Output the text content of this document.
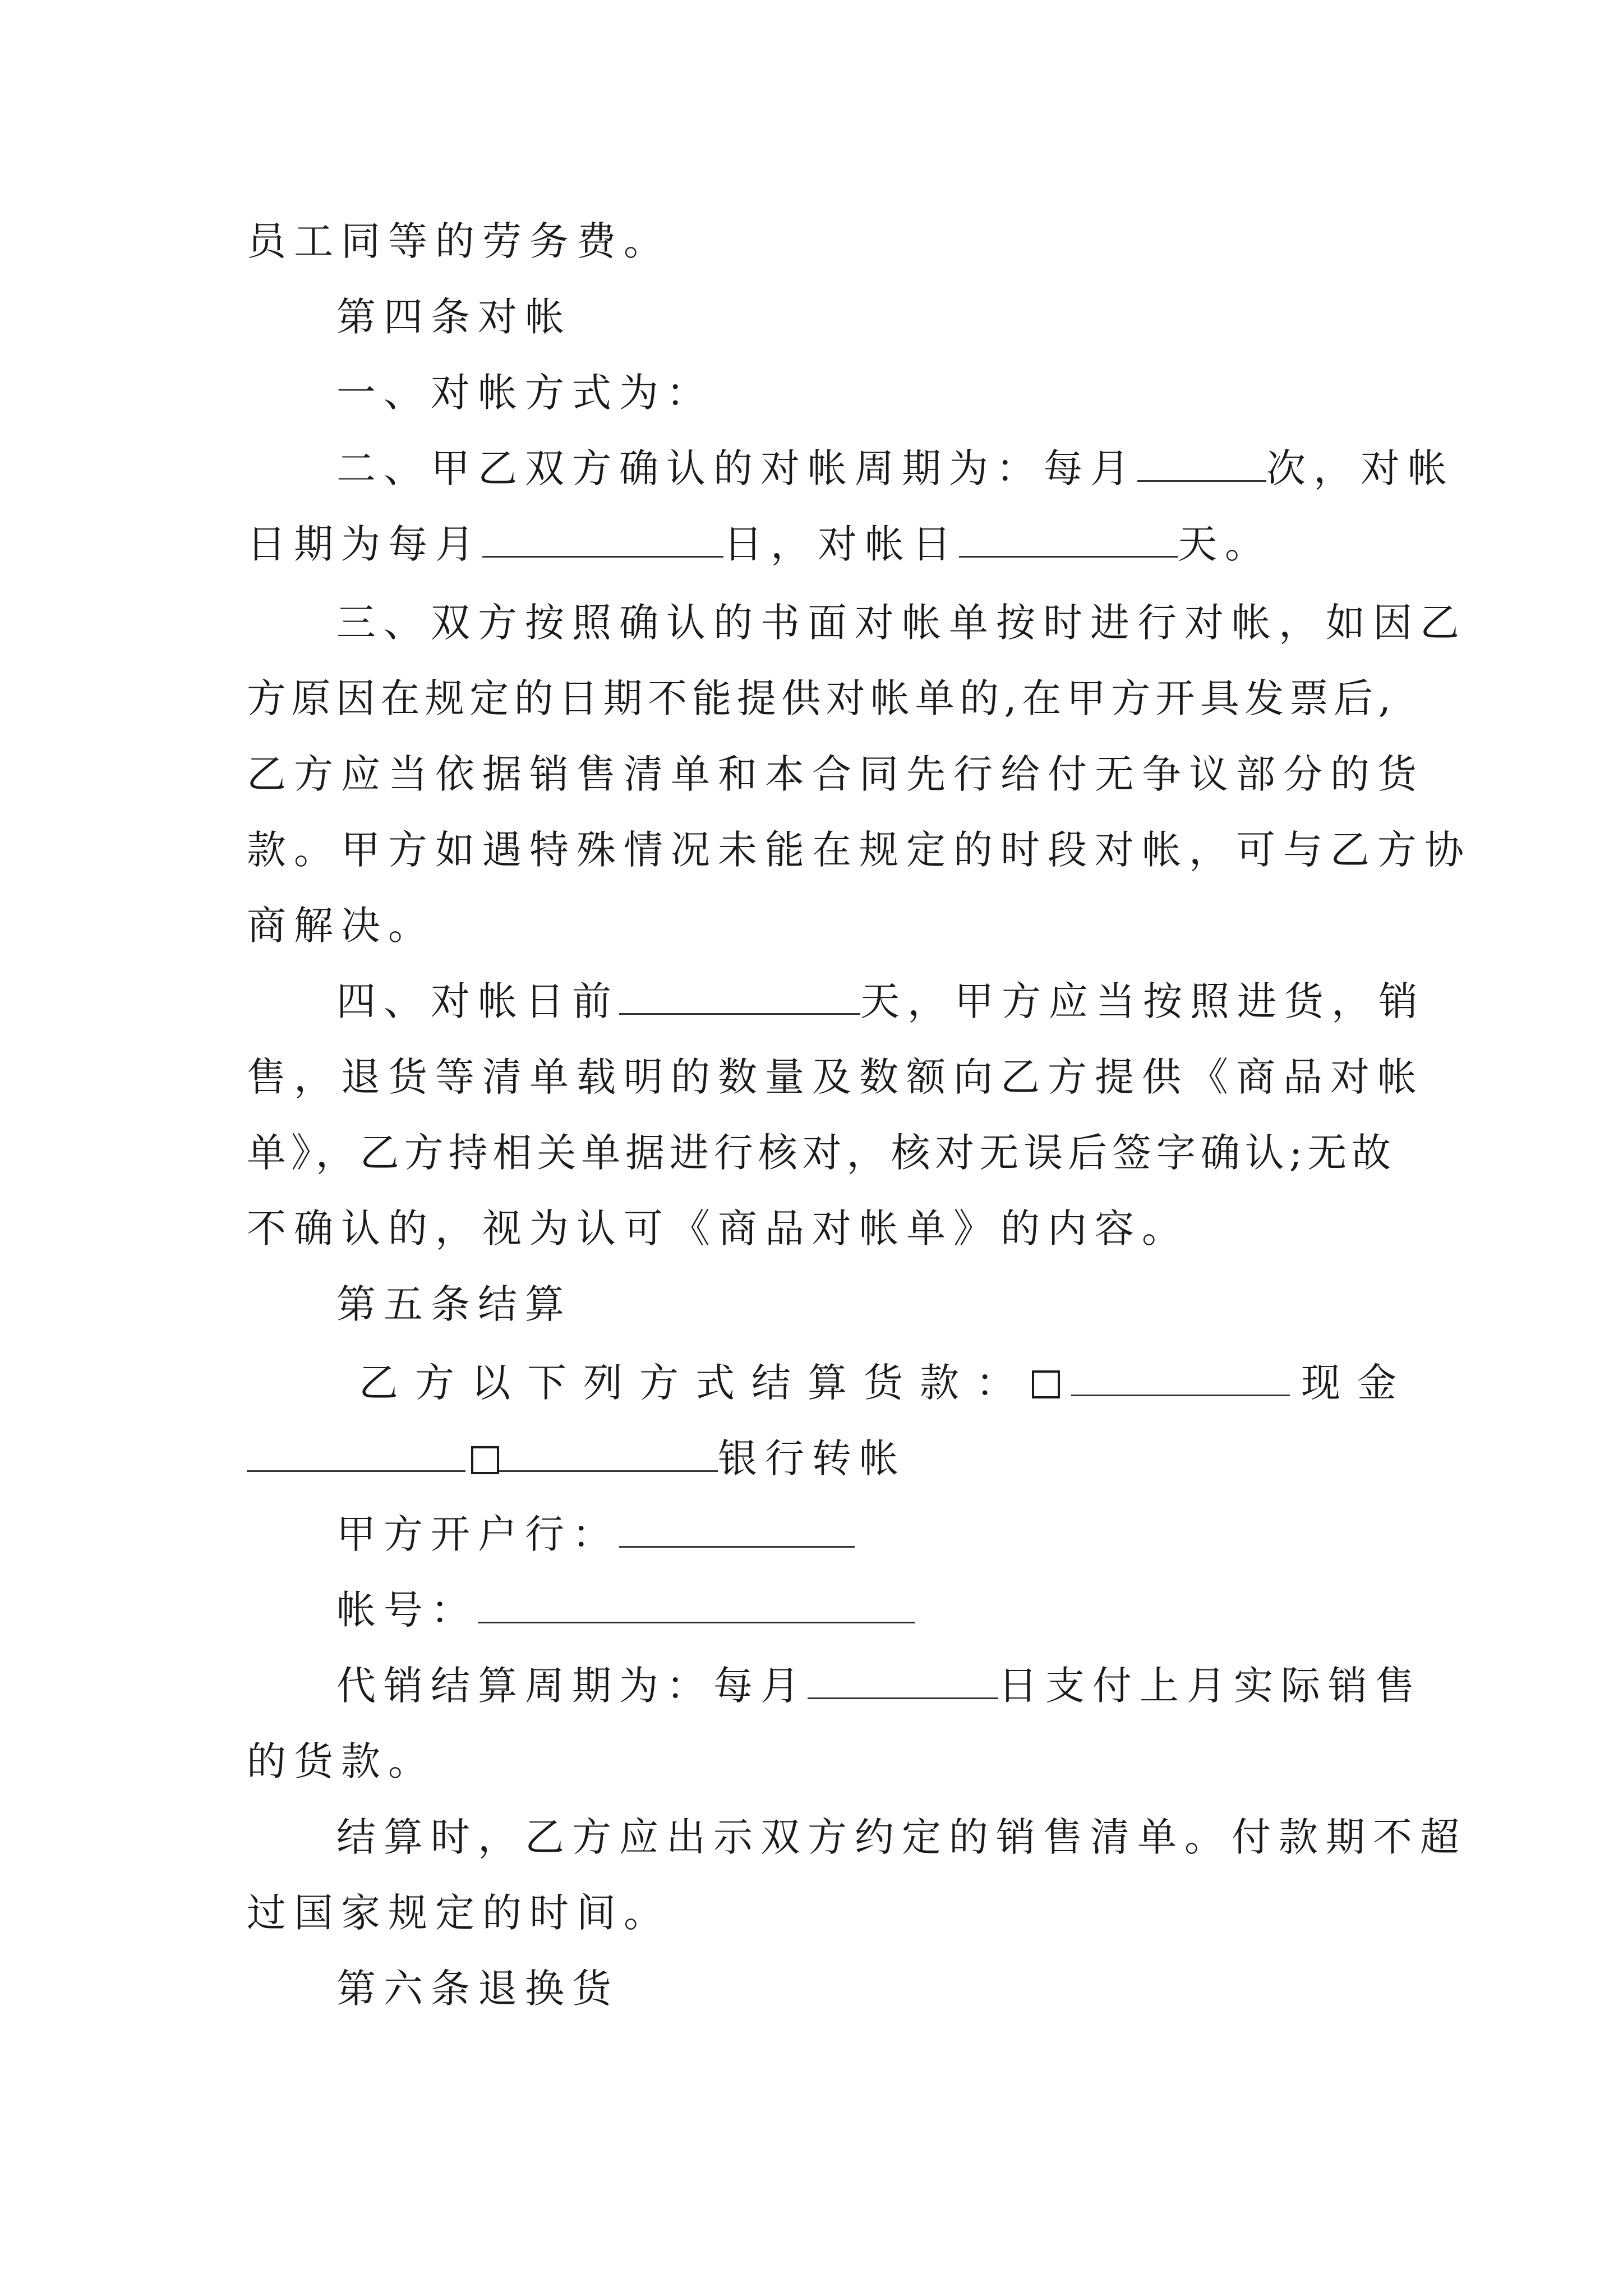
员工同等的劳务费。
第四条对帐
一、对帐方式为：
二、甲乙双方确认的对帐周期为：每月	次，对帐
日期为每月	日，对帐日	天。
三、双方按照确认的书面对帐单按时进行对帐，如因乙
方原因在规定的日期不能提供对帐单的,在甲方开具发票后,
乙方应当依据销售清单和本合同先行给付无争议部分的货
款。甲方如遇特殊情况未能在规定的时段对帐，可与乙方协
商解决。
四、对帐日前	天，甲方应当按照进货，销
售，退货等清单载明的数量及数额向乙方提供《商品对帐
单》，乙方持相关单据进行核对，核对无误后签字确认;无故
不确认的，视为认可《商品对帐单》的内容。
第五条结算
乙方以下列方式结算货款：	现金
银行转帐
甲方开户行：
帐号：
代销结算周期为：每月	日支付上月实际销售
的货款。
结算时，乙方应出示双方约定的销售清单。付款期不超
过国家规定的时间。
第六条退换货
